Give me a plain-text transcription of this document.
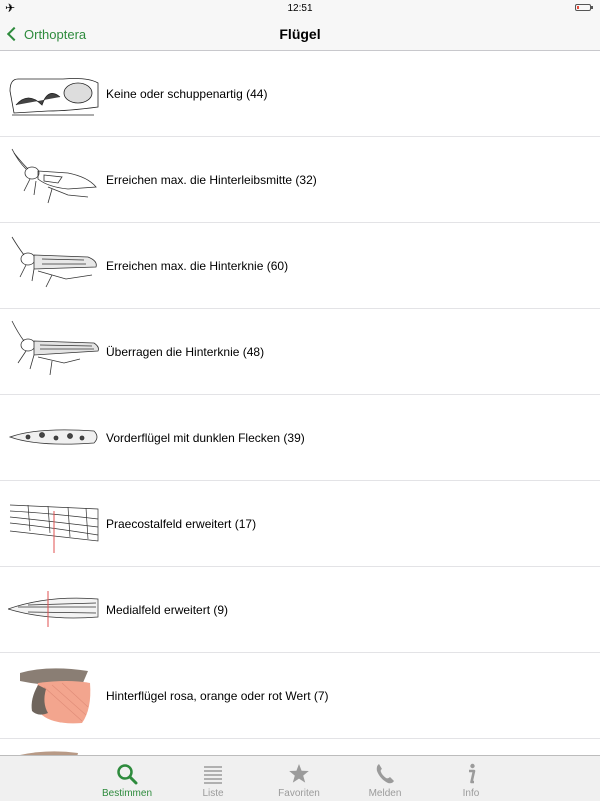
✈	12:51
Orthoptera	Flügel
Keine oder schuppenartig (44)
Erreichen max. die Hinterleibsmitte (32)
Erreichen max. die Hinterknie (60)
Überragen die Hinterknie (48)
Vorderflügel mit dunklen Flecken (39)
Praecostalfeld erweitert (17)
Medialfeld erweitert (9)
Hinterflügel rosa, orange oder rot Wert (7)
Bestimmen	Liste	Favoriten	Melden	Info
